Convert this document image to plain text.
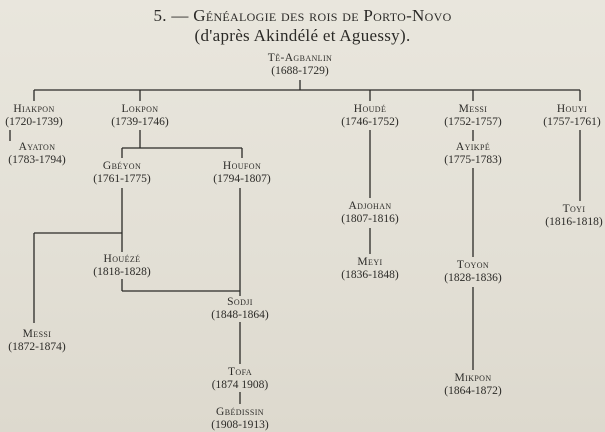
5. — Généalogie des rois de Porto-Novo
(d'après Akindélé et Aguessy).
Tê-Agbanlin
(1688-1729)
Hiakpon
(1720-1739)
Ayaton
(1783-1794)
Lokpon
(1739-1746)
Gbéyon
(1761-1775)
Houfon
(1794-1807)
Houézé
(1818-1828)
Messi
(1872-1874)
Sodji
(1848-1864)
Tofa
(1874 1908)
Gbédissin
(1908-1913)
Houdé
(1746-1752)
Adjohan
(1807-1816)
Meyi
(1836-1848)
Messi
(1752-1757)
Ayikpé
(1775-1783)
Toyon
(1828-1836)
Mikpon
(1864-1872)
Houyi
(1757-1761)
Toyi
(1816-1818)
